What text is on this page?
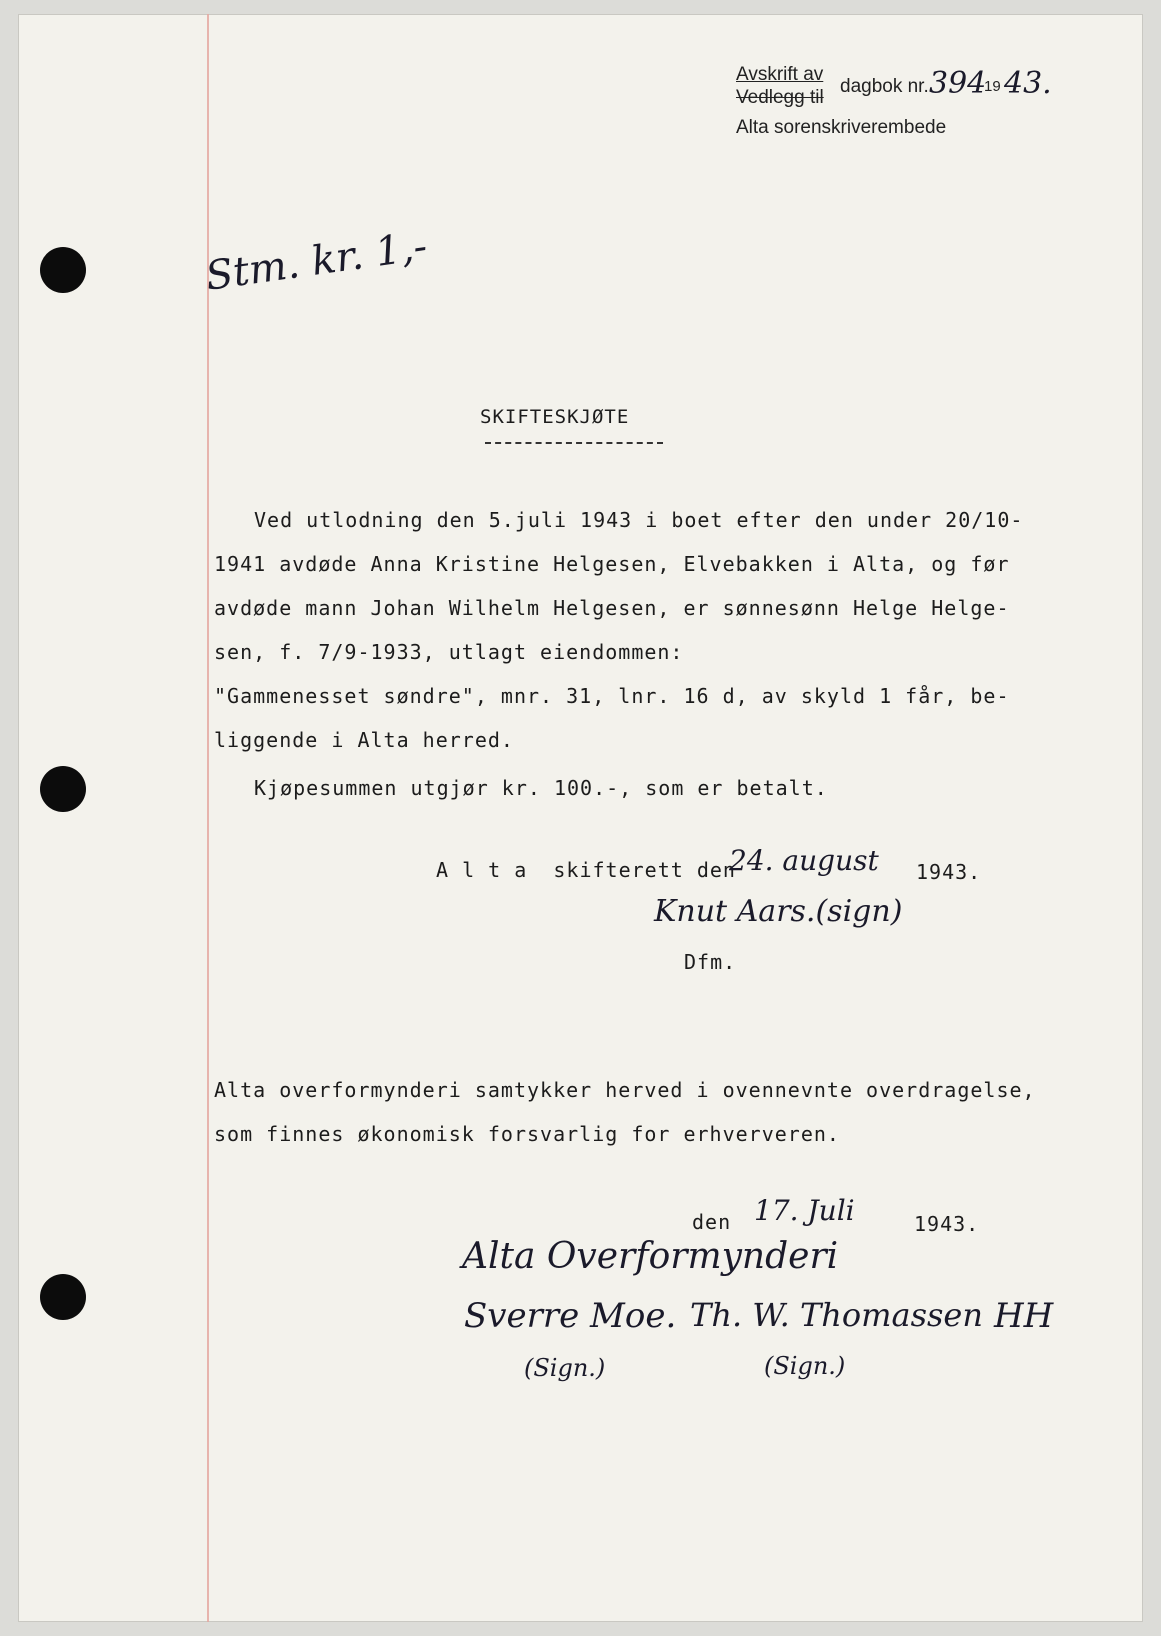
Avskrift av
Vedlegg til
dagbok nr. 394
19 43.
Alta sorenskriverembede
Stm. kr. 1,-
SKIFTESKJØTE
Ved utlodning den 5.juli 1943 i boet efter den under 20/10-
1941 avdøde Anna Kristine Helgesen, Elvebakken i Alta, og før
avdøde mann Johan Wilhelm Helgesen, er sønnesønn Helge Helge-
sen, f. 7/9-1933, utlagt eiendommen:
"Gammenesset søndre", mnr. 31, lnr. 16 d, av skyld 1 får, be-
liggende i Alta herred.
Kjøpesummen utgjør kr. 100.-, som er betalt.
A l t a  skifterett den
24. august 1943.
Knut Aars.(sign)
Dfm.
Alta overformynderi samtykker herved i ovennevnte overdragelse,
som finnes økonomisk forsvarlig for erhververen.
den 17. Juli	1943.
Alta Overformynderi
Sverre Moe. Th. W. Thomassen HH
(Sign.)	(Sign.)
